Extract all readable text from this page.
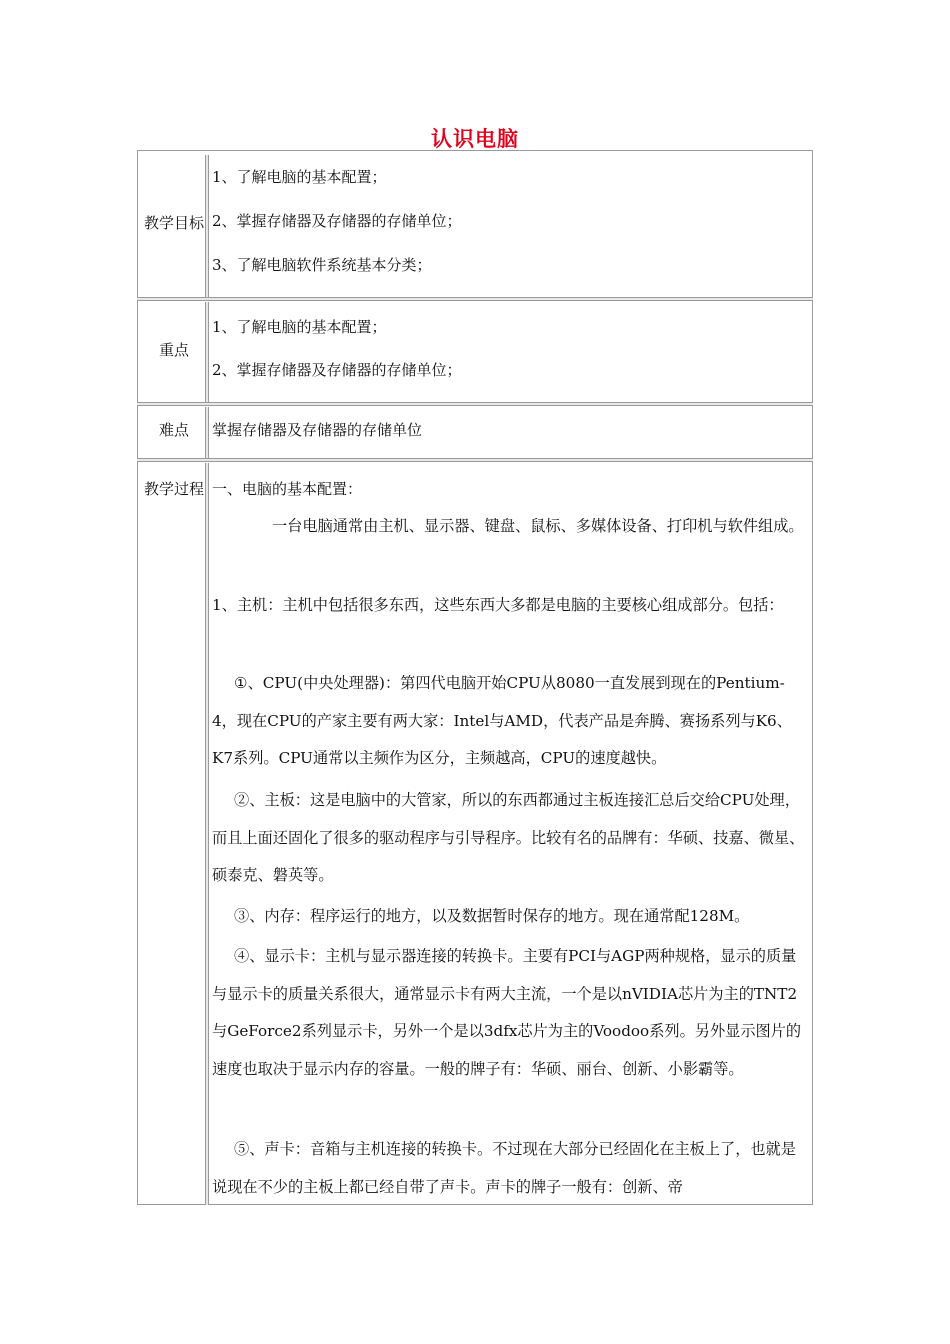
认识电脑
教学目标
1、了解电脑的基本配置；
2、掌握存储器及存储器的存储单位；
3、了解电脑软件系统基本分类；
重点
1、了解电脑的基本配置；
2、掌握存储器及存储器的存储单位；
难点	掌握存储器及存储器的存储单位
教学过程 一、电脑的基本配置：
一台电脑通常由主机、显示器、键盘、鼠标、多媒体设备、打印机与软件组成。
1、主机：主机中包括很多东西，这些东西大多都是电脑的主要核心组成部分。包括：
①、CPU(中央处理器)：第四代电脑开始CPU从8080一直发展到现在的Pentium-4，现在CPU的产家主要有两大家：Intel与AMD，代表产品是奔腾、赛扬系列与K6、K7系列。CPU通常以主频作为区分，主频越高，CPU的速度越快。
②、主板：这是电脑中的大管家，所以的东西都通过主板连接汇总后交给CPU处理，而且上面还固化了很多的驱动程序与引导程序。比较有名的品牌有：华硕、技嘉、微星、硕泰克、磐英等。
③、内存：程序运行的地方，以及数据暂时保存的地方。现在通常配128M。
④、显示卡：主机与显示器连接的转换卡。主要有PCI与AGP两种规格，显示的质量与显示卡的质量关系很大，通常显示卡有两大主流，一个是以nVIDIA芯片为主的TNT2与GeForce2系列显示卡，另外一个是以3dfx芯片为主的Voodoo系列。另外显示图片的速度也取决于显示内存的容量。一般的牌子有：华硕、丽台、创新、小影霸等。
⑤、声卡：音箱与主机连接的转换卡。不过现在大部分已经固化在主板上了，也就是说现在不少的主板上都已经自带了声卡。声卡的牌子一般有：创新、帝
